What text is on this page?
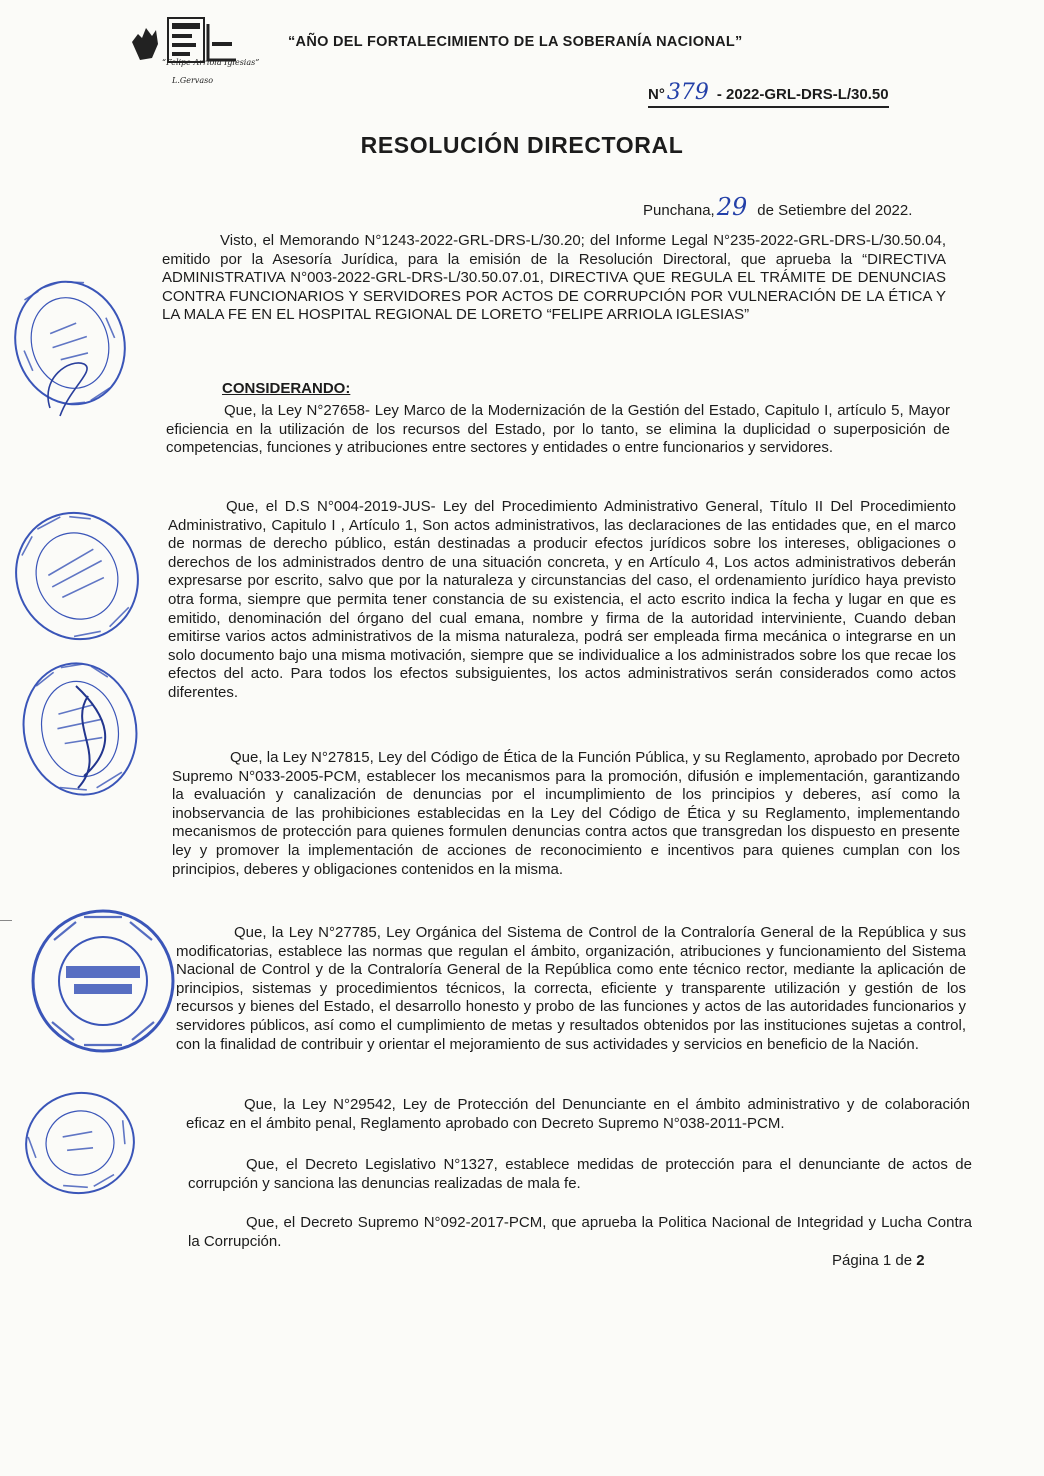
“Felipe Arriola Iglesias”
L.Gervaso
“AÑO DEL FORTALECIMIENTO DE LA SOBERANÍA NACIONAL”
N°379 - 2022-GRL-DRS-L/30.50
RESOLUCIÓN DIRECTORAL
Punchana,29 de Setiembre del 2022.
Visto, el Memorando N°1243-2022-GRL-DRS-L/30.20; del Informe Legal N°235-2022-GRL-DRS-L/30.50.04, emitido por la Asesoría Jurídica, para la emisión de la Resolución Directoral, que aprueba la “DIRECTIVA ADMINISTRATIVA N°003-2022-GRL-DRS-L/30.50.07.01, DIRECTIVA QUE REGULA EL TRÁMITE DE DENUNCIAS CONTRA FUNCIONARIOS Y SERVIDORES POR ACTOS DE CORRUPCIÓN POR VULNERACIÓN DE LA ÉTICA Y LA MALA FE EN EL HOSPITAL REGIONAL DE LORETO “FELIPE ARRIOLA IGLESIAS”
CONSIDERANDO:
Que, la Ley N°27658- Ley Marco de la Modernización de la Gestión del Estado, Capitulo I, artículo 5, Mayor eficiencia en la utilización de los recursos del Estado, por lo tanto, se elimina la duplicidad o superposición de competencias, funciones y atribuciones entre sectores y entidades o entre funcionarios y servidores.
Que, el D.S N°004-2019-JUS- Ley del Procedimiento Administrativo General, Título II Del Procedimiento Administrativo, Capitulo I , Artículo 1, Son actos administrativos, las declaraciones de las entidades que, en el marco de normas de derecho público, están destinadas a producir efectos jurídicos sobre los intereses, obligaciones o derechos de los administrados dentro de una situación concreta, y en Artículo 4, Los actos administrativos deberán expresarse por escrito, salvo que por la naturaleza y circunstancias del caso, el ordenamiento jurídico haya previsto otra forma, siempre que permita tener constancia de su existencia, el acto escrito indica la fecha y lugar en que es emitido, denominación del órgano del cual emana, nombre y firma de la autoridad interviniente, Cuando deban emitirse varios actos administrativos de la misma naturaleza, podrá ser empleada firma mecánica o integrarse en un solo documento bajo una misma motivación, siempre que se individualice a los administrados sobre los que recae los efectos del acto. Para todos los efectos subsiguientes, los actos administrativos serán considerados como actos diferentes.
Que, la Ley N°27815, Ley del Código de Ética de la Función Pública, y su Reglamento, aprobado por Decreto Supremo N°033-2005-PCM, establecer los mecanismos para la promoción, difusión e implementación, garantizando la evaluación y canalización de denuncias por el incumplimiento de los principios y deberes, así como la inobservancia de las prohibiciones establecidas en la Ley del Código de Ética y su Reglamento, implementando mecanismos de protección para quienes formulen denuncias contra actos que transgredan los dispuesto en presente ley y promover la implementación de acciones de reconocimiento e incentivos para quienes cumplan con los principios, deberes y obligaciones contenidos en la misma.
Que, la Ley N°27785, Ley Orgánica del Sistema de Control de la Contraloría General de la República y sus modificatorias, establece las normas que regulan el ámbito, organización, atribuciones y funcionamiento del Sistema Nacional de Control y de la Contraloría General de la República como ente técnico rector, mediante la aplicación de principios, sistemas y procedimientos técnicos, la correcta, eficiente y transparente utilización y gestión de los recursos y bienes del Estado, el desarrollo honesto y probo de las funciones y actos de las autoridades funcionarios y servidores públicos, así como el cumplimiento de metas y resultados obtenidos por las instituciones sujetas a control, con la finalidad de contribuir y orientar el mejoramiento de sus actividades y servicios en beneficio de la Nación.
Que, la Ley N°29542, Ley de Protección del Denunciante en el ámbito administrativo y de colaboración eficaz en el ámbito penal, Reglamento aprobado con Decreto Supremo N°038-2011-PCM.
Que, el Decreto Legislativo N°1327, establece medidas de protección para el denunciante de actos de corrupción y sanciona las denuncias realizadas de mala fe.
Que, el Decreto Supremo N°092-2017-PCM, que aprueba la Politica Nacional de Integridad y Lucha Contra la Corrupción.
Página 1 de 2
